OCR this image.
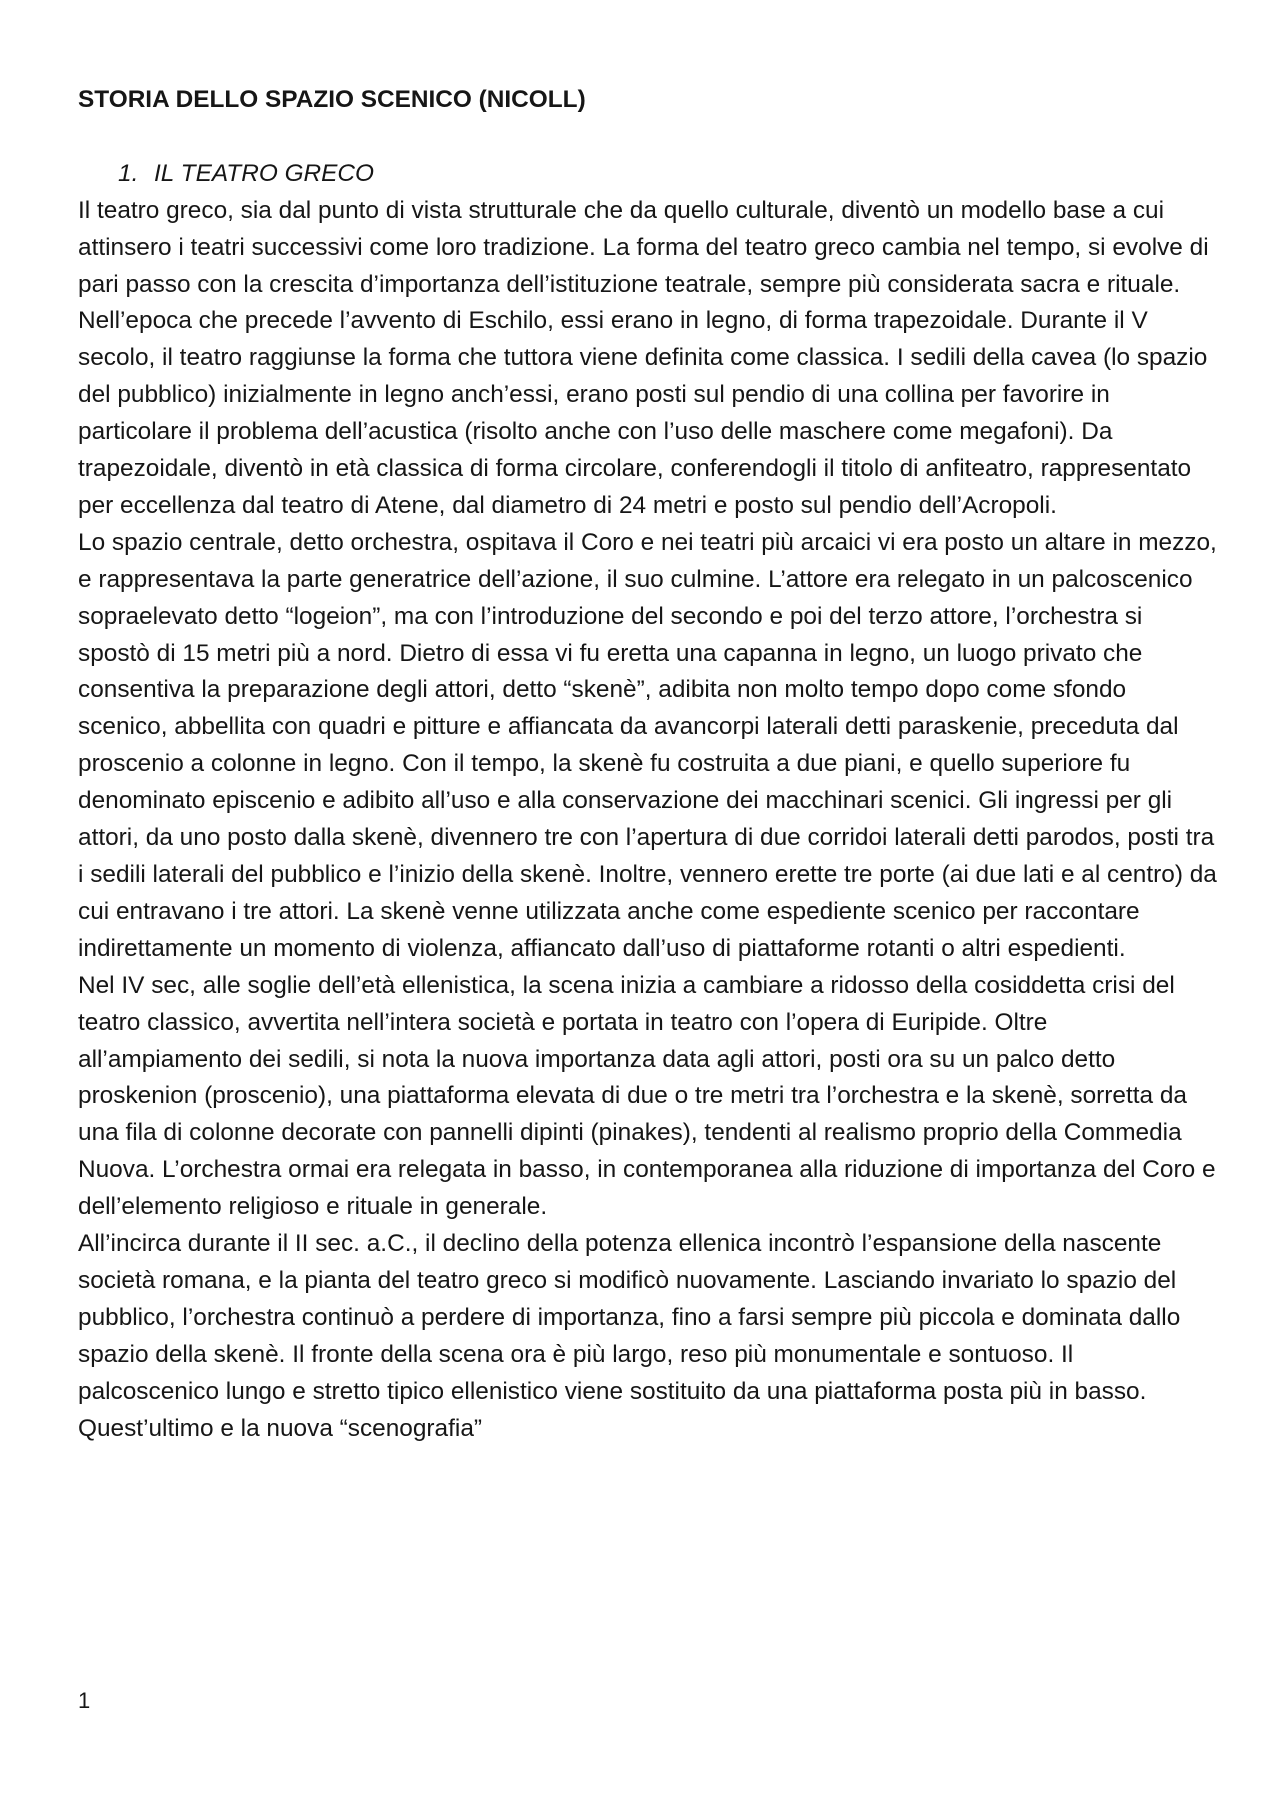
STORIA DELLO SPAZIO SCENICO (NICOLL)

1. IL TEATRO GRECO

Il teatro greco, sia dal punto di vista strutturale che da quello culturale, diventò un modello base a cui attinsero i teatri successivi come loro tradizione. La forma del teatro greco cambia nel tempo, si evolve di pari passo con la crescita d’importanza dell’istituzione teatrale, sempre più considerata sacra e rituale. Nell’epoca che precede l’avvento di Eschilo, essi erano in legno, di forma trapezoidale. Durante il V secolo, il teatro raggiunse la forma che tuttora viene definita come classica. I sedili della cavea (lo spazio del pubblico) inizialmente in legno anch’essi, erano posti sul pendio di una collina per favorire in particolare il problema dell’acustica (risolto anche con l’uso delle maschere come megafoni). Da trapezoidale, diventò in età classica di forma circolare, conferendogli il titolo di anfiteatro, rappresentato per eccellenza dal teatro di Atene, dal diametro di 24 metri e posto sul pendio dell’Acropoli.

Lo spazio centrale, detto orchestra, ospitava il Coro e nei teatri più arcaici vi era posto un altare in mezzo, e rappresentava la parte generatrice dell’azione, il suo culmine. L’attore era relegato in un palcoscenico sopraelevato detto “logeion”, ma con l’introduzione del secondo e poi del terzo attore, l’orchestra si spostò di 15 metri più a nord. Dietro di essa vi fu eretta una capanna in legno, un luogo privato che consentiva la preparazione degli attori, detto “skenè”, adibita non molto tempo dopo come sfondo scenico, abbellita con quadri e pitture e affiancata da avancorpi laterali detti paraskenie, preceduta dal proscenio a colonne in legno. Con il tempo, la skenè fu costruita a due piani, e quello superiore fu denominato episcenio e adibito all’uso e alla conservazione dei macchinari scenici. Gli ingressi per gli attori, da uno posto dalla skenè, divennero tre con l’apertura di due corridoi laterali detti parodos, posti tra i sedili laterali del pubblico e l’inizio della skenè. Inoltre, vennero erette tre porte (ai due lati e al centro) da cui entravano i tre attori. La skenè venne utilizzata anche come espediente scenico per raccontare indirettamente un momento di violenza, affiancato dall’uso di piattaforme rotanti o altri espedienti.

Nel IV sec, alle soglie dell’età ellenistica, la scena inizia a cambiare a ridosso della cosiddetta crisi del teatro classico, avvertita nell’intera società e portata in teatro con l’opera di Euripide. Oltre all’ampiamento dei sedili, si nota la nuova importanza data agli attori, posti ora su un palco detto proskenion (proscenio), una piattaforma elevata di due o tre metri tra l’orchestra e la skenè, sorretta da una fila di colonne decorate con pannelli dipinti (pinakes), tendenti al realismo proprio della Commedia Nuova. L’orchestra ormai era relegata in basso, in contemporanea alla riduzione di importanza del Coro e dell’elemento religioso e rituale in generale.

All’incirca durante il II sec. a.C., il declino della potenza ellenica incontrò l’espansione della nascente società romana, e la pianta del teatro greco si modificò nuovamente. Lasciando invariato lo spazio del pubblico, l’orchestra continuò a perdere di importanza, fino a farsi sempre più piccola e dominata dallo spazio della skenè. Il fronte della scena ora è più largo, reso più monumentale e sontuoso. Il palcoscenico lungo e stretto tipico ellenistico viene sostituito da una piattaforma posta più in basso. Quest’ultimo e la nuova “scenografia”

1
